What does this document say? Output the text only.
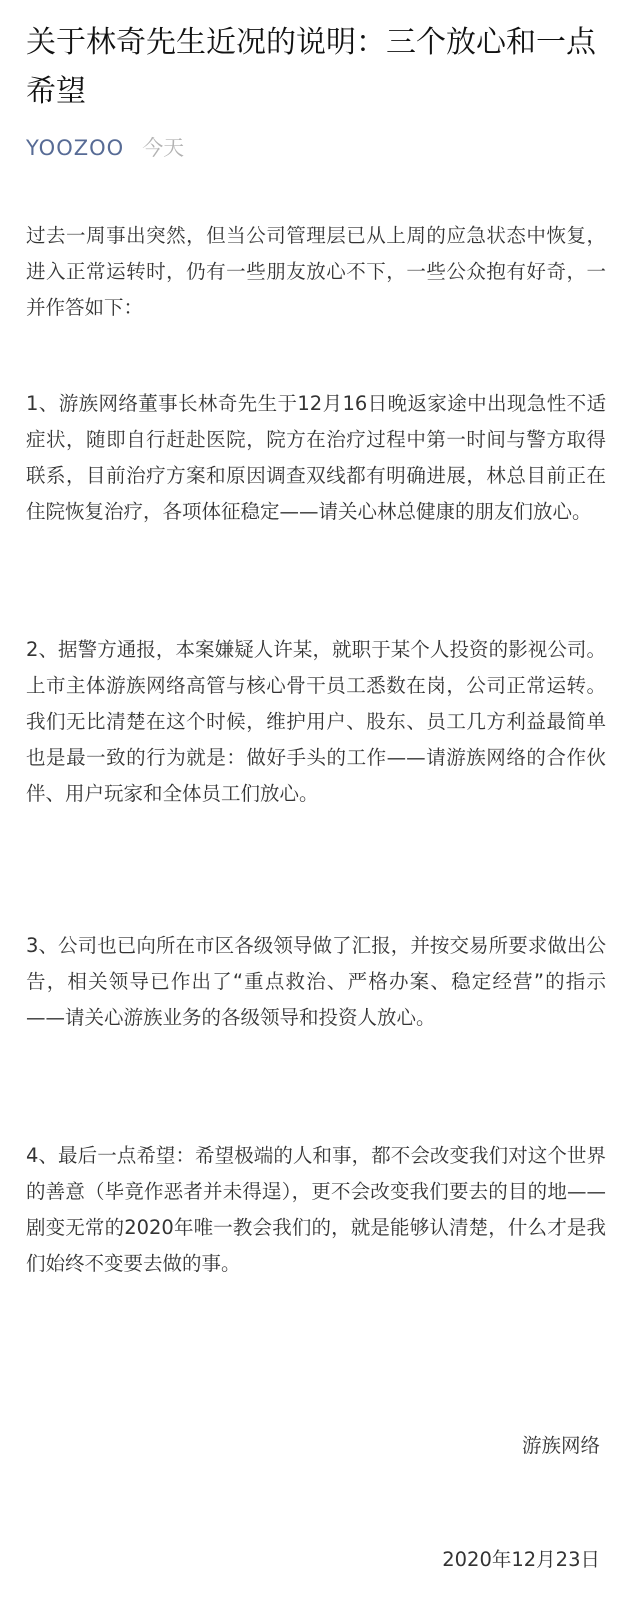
关于林奇先生近况的说明：三个放心和一点希望
YOOZOO 今天

过去一周事出突然，但当公司管理层已从上周的应急状态中恢复，进入正常运转时，仍有一些朋友放心不下，一些公众抱有好奇，一并作答如下：

1、游族网络董事长林奇先生于12月16日晚返家途中出现急性不适症状，随即自行赶赴医院，院方在治疗过程中第一时间与警方取得联系，目前治疗方案和原因调查双线都有明确进展，林总目前正在住院恢复治疗，各项体征稳定——请关心林总健康的朋友们放心。

2、据警方通报，本案嫌疑人许某，就职于某个人投资的影视公司。上市主体游族网络高管与核心骨干员工悉数在岗，公司正常运转。我们无比清楚在这个时候，维护用户、股东、员工几方利益最简单也是最一致的行为就是：做好手头的工作——请游族网络的合作伙伴、用户玩家和全体员工们放心。

3、公司也已向所在市区各级领导做了汇报，并按交易所要求做出公告，相关领导已作出了“重点救治、严格办案、稳定经营”的指示——请关心游族业务的各级领导和投资人放心。

4、最后一点希望：希望极端的人和事，都不会改变我们对这个世界的善意（毕竟作恶者并未得逞），更不会改变我们要去的目的地——剧变无常的2020年唯一教会我们的，就是能够认清楚，什么才是我们始终不变要去做的事。

游族网络

2020年12月23日
